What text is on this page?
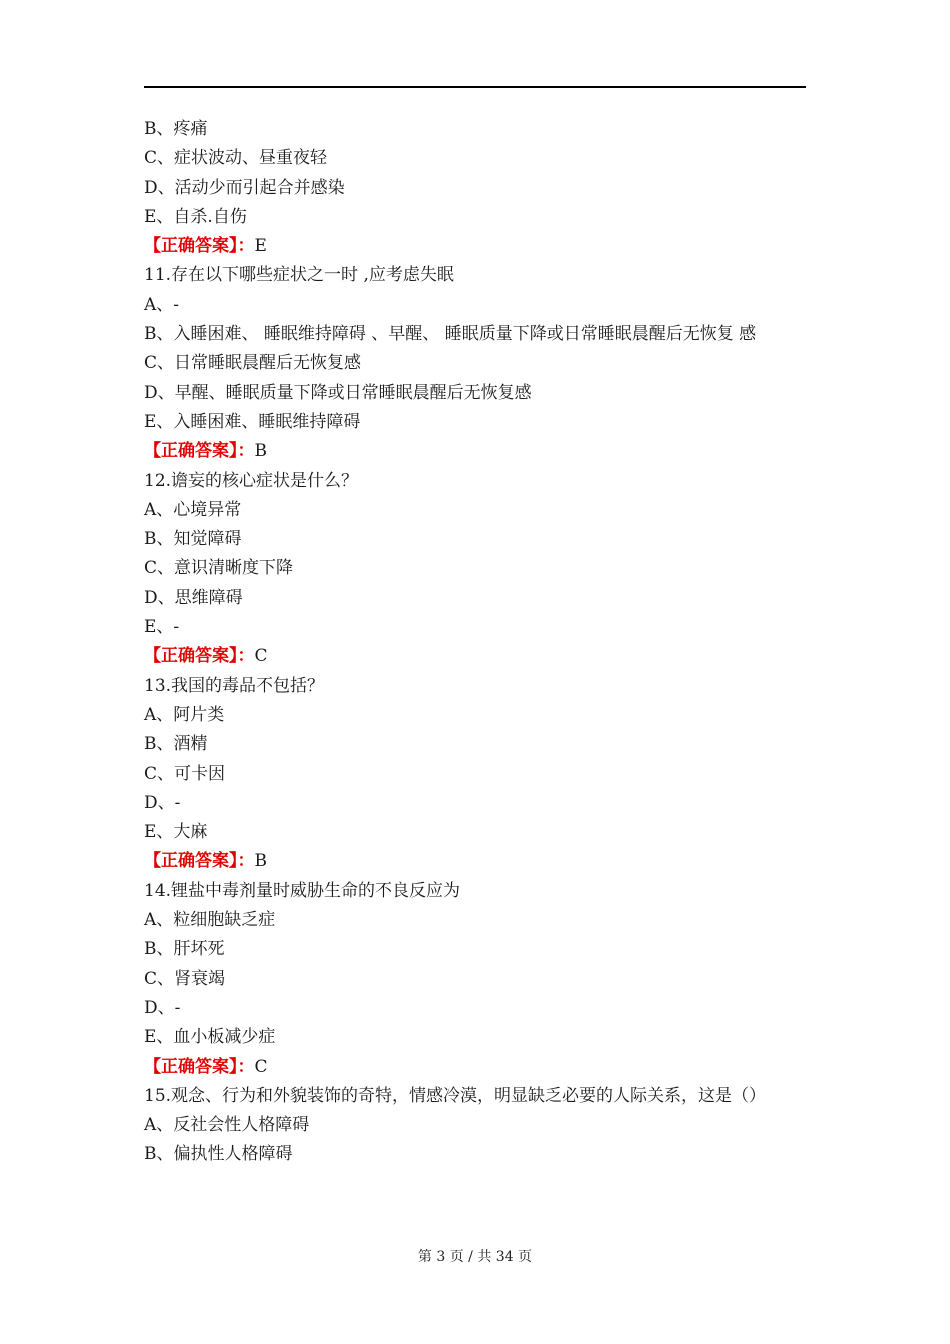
B、疼痛
C、症状波动、昼重夜轻
D、活动少而引起合并感染
E、自杀.自伤
【正确答案】：E
11.存在以下哪些症状之一时 ,应考虑失眠
A、-
B、入睡困难、 睡眠维持障碍 、早醒、 睡眠质量下降或日常睡眠晨醒后无恢复 感
C、日常睡眠晨醒后无恢复感
D、早醒、睡眠质量下降或日常睡眠晨醒后无恢复感
E、入睡困难、睡眠维持障碍
【正确答案】：B
12.谵妄的核心症状是什么？
A、心境异常
B、知觉障碍
C、意识清晰度下降
D、思维障碍
E、-
【正确答案】：C
13.我国的毒品不包括？
A、阿片类
B、酒精
C、可卡因
D、-
E、大麻
【正确答案】：B
14.锂盐中毒剂量时威胁生命的不良反应为
A、粒细胞缺乏症
B、肝坏死
C、肾衰竭
D、-
E、血小板减少症
【正确答案】：C
15.观念、行为和外貌装饰的奇特，情感冷漠，明显缺乏必要的人际关系，这是（）
A、反社会性人格障碍
B、偏执性人格障碍
第 3 页 / 共 34 页
